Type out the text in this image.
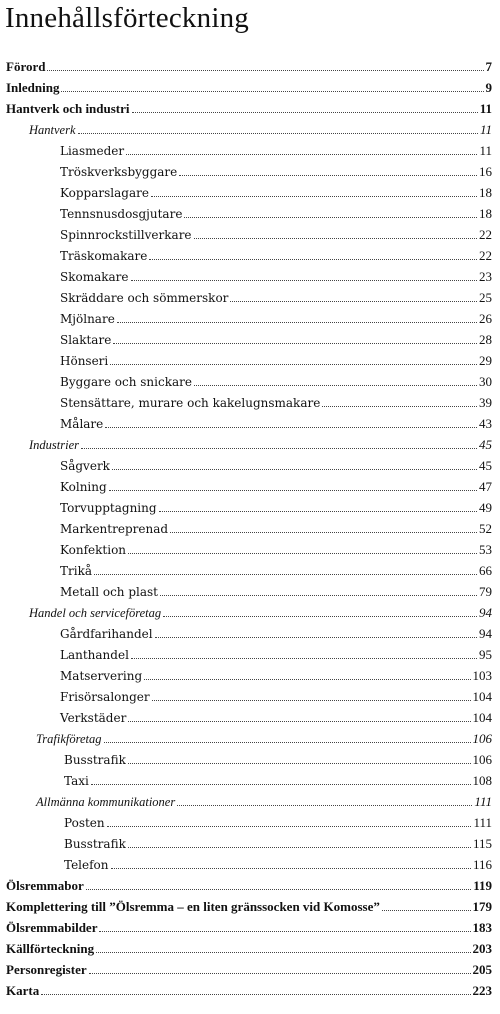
Innehållsförteckning
Förord	7
Inledning	9
Hantverk och industri	11
Hantverk	11
Liasmeder	11
Tröskverksbyggare	16
Kopparslagare	18
Tennsnusdosgjutare	18
Spinnrockstillverkare	22
Träskomakare	22
Skomakare	23
Skräddare och sömmerskor	25
Mjölnare	26
Slaktare	28
Hönseri	29
Byggare och snickare	30
Stensättare, murare och kakelugnsmakare	39
Målare	43
Industrier	45
Sågverk	45
Kolning	47
Torvupptagning	49
Markentreprenad	52
Konfektion	53
Trikå	66
Metall och plast	79
Handel och serviceföretag	94
Gårdfarihandel	94
Lanthandel	95
Matservering	103
Frisörsalonger	104
Verkstäder	104
Trafikföretag	106
Busstrafik	106
Taxi	108
Allmänna kommunikationer	111
Posten	111
Busstrafik	115
Telefon	116
Ölsremmabor	119
Komplettering till ”Ölsremma – en liten gränssocken vid Komosse”	179
Ölsremmabilder	183
Källförteckning	203
Personregister	205
Karta	223
